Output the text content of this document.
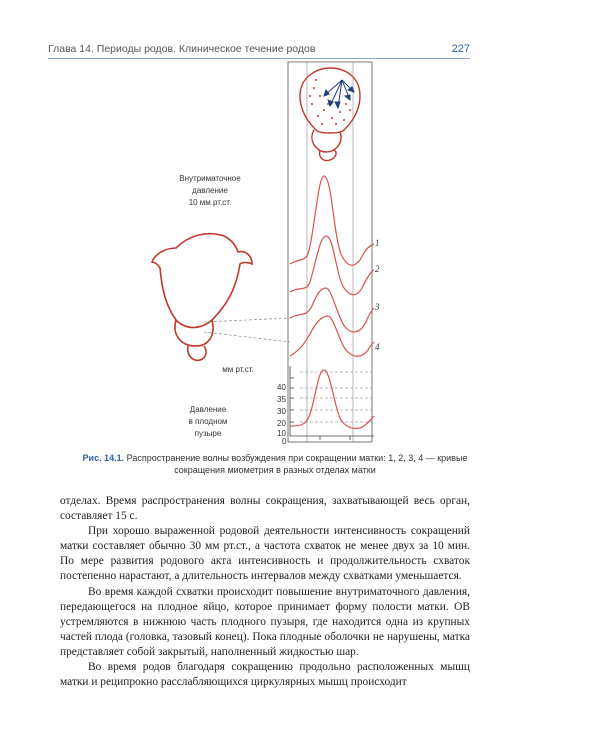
Глава 14. Периоды родов. Клиническое течение родов	227
40
35
30
20
10
0
1
2
3
4
Внутриматочное
давление
10 мм рт.ст.
мм рт.ст.
Давление
в плодном
пузыре
Рис. 14.1. Распространение волны возбуждения при сокращении матки: 1, 2, 3, 4 — кривые сокращения миометрия в разных отделах матки

отделах. Время распространения волны сокращения, захватывающей весь орган, составляет 15 с.

При хорошо выраженной родовой деятельности интенсивность сокращений матки составляет обычно 30 мм рт.ст., а частота схваток не менее двух за 10 мин. По мере развития родового акта интенсивность и продолжительность схваток постепенно нарастают, а длительность интервалов между схватками уменьшается.

Во время каждой схватки происходит повышение внутриматочного давления, передающегося на плодное яйцо, которое принимает форму полости матки. ОВ устремляются в нижнюю часть плодного пузыря, где находится одна из крупных частей плода (головка, тазовый конец). Пока плодные оболочки не нарушены, матка представляет собой закрытый, наполненный жидкостью шар.

Во время родов благодаря сокращению продольно расположенных мышц матки и реципрокно расслабляющихся циркулярных мышц происходит
